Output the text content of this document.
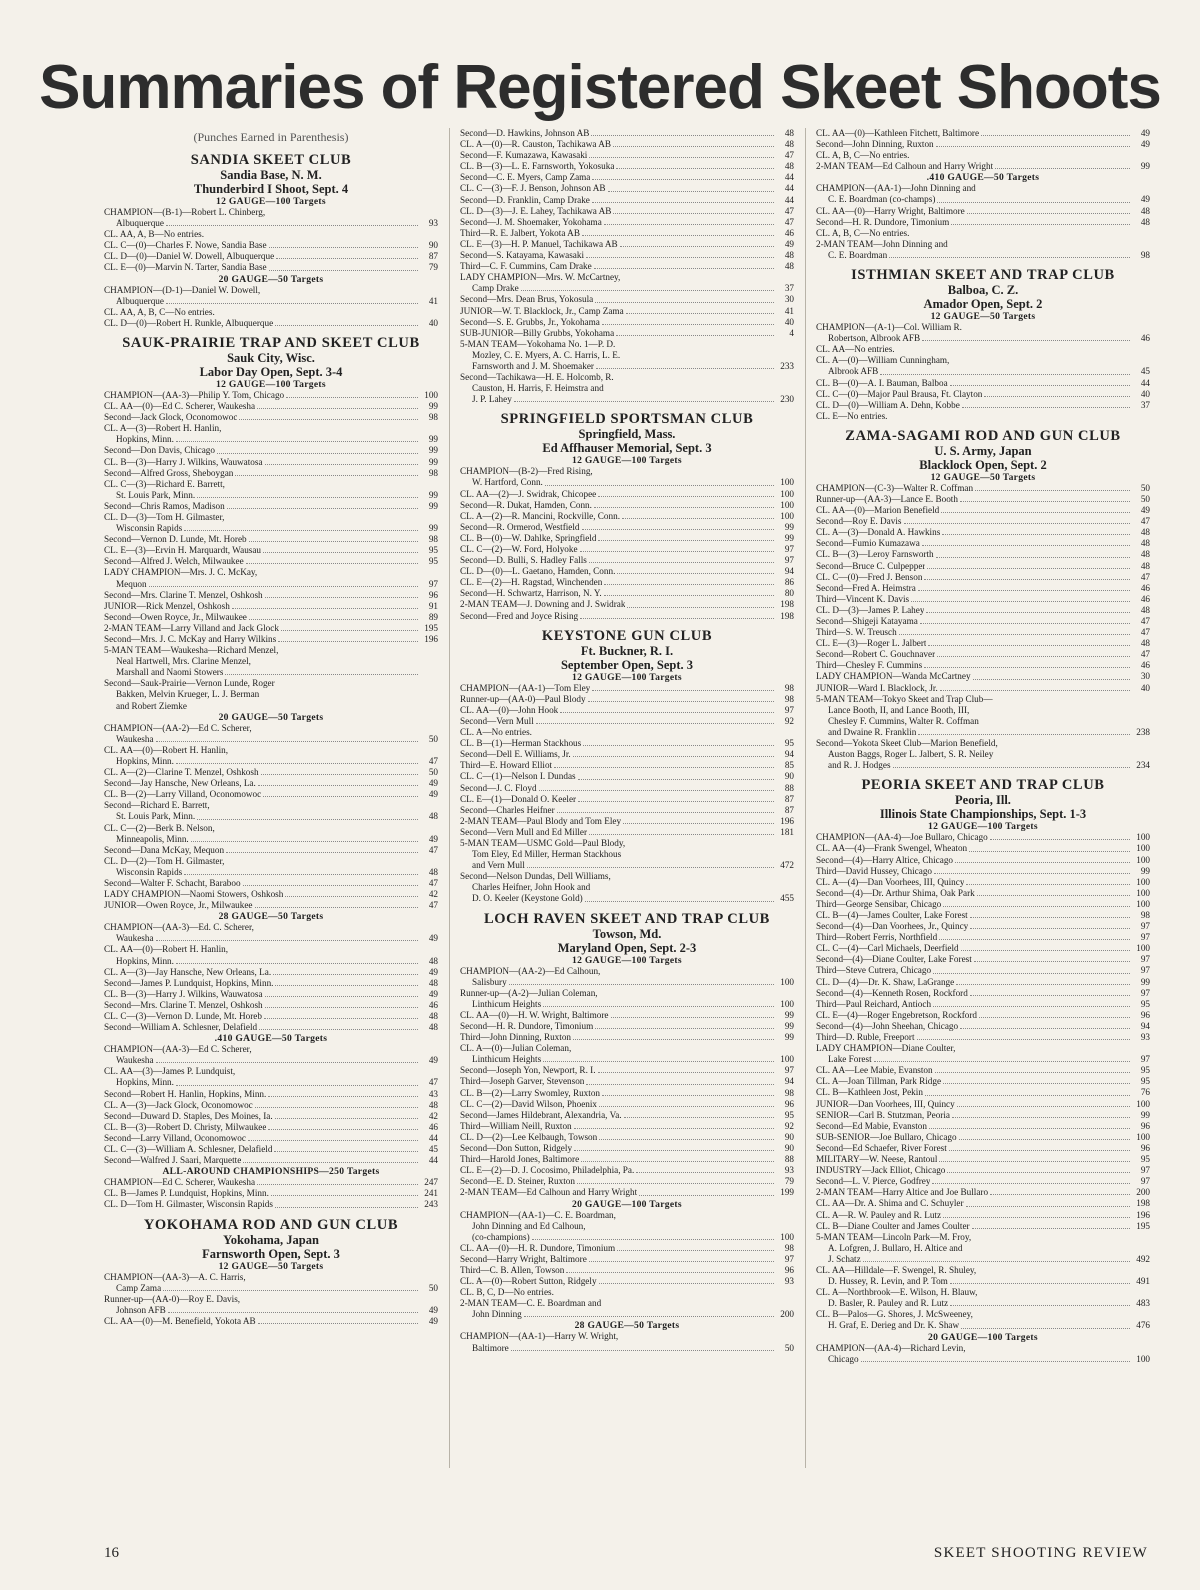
Summaries of Registered Skeet Shoots
(Punches Earned in Parenthesis)
SANDIA SKEET CLUB
Sandia Base, N. M.
Thunderbird I Shoot, Sept. 4
12 GAUGE—100 Targets
CHAMPION—(B-1)—Robert L. Chinberg,
Albuquerque	93
CL. AA, A, B—No entries.
CL. C—(0)—Charles F. Nowe, Sandia Base	90
CL. D—(0)—Daniel W. Dowell, Albuquerque	87
CL. E—(0)—Marvin N. Tarter, Sandia Base	79
20 GAUGE—50 Targets
CHAMPION—(D-1)—Daniel W. Dowell,
Albuquerque	41
CL. AA, A, B, C—No entries.
CL. D—(0)—Robert H. Runkle, Albuquerque	40
SAUK-PRAIRIE TRAP AND SKEET CLUB
Sauk City, Wisc.
Labor Day Open, Sept. 3-4
12 GAUGE—100 Targets
CHAMPION—(AA-3)—Philip Y. Tom, Chicago	100
CL. AA—(0)—Ed C. Scherer, Waukesha	99
Second—Jack Glock, Oconomowoc	98
CL. A—(3)—Robert H. Hanlin,
Hopkins, Minn.	99
Second—Don Davis, Chicago	99
CL. B—(3)—Harry J. Wilkins, Wauwatosa	99
Second—Alfred Gross, Sheboygan	98
CL. C—(3)—Richard E. Barrett,
St. Louis Park, Minn.	99
Second—Chris Ramos, Madison	99
CL. D—(3)—Tom H. Gilmaster,
Wisconsin Rapids	99
Second—Vernon D. Lunde, Mt. Horeb	98
CL. E—(3)—Ervin H. Marquardt, Wausau	95
Second—Alfred J. Welch, Milwaukee	95
LADY CHAMPION—Mrs. J. C. McKay,
Mequon	97
Second—Mrs. Clarine T. Menzel, Oshkosh	96
JUNIOR—Rick Menzel, Oshkosh	91
Second—Owen Royce, Jr., Milwaukee	89
2-MAN TEAM—Larry Villand and Jack Glock	195
Second—Mrs. J. C. McKay and Harry Wilkins	196
5-MAN TEAM—Waukesha—Richard Menzel,
Neal Hartwell, Mrs. Clarine Menzel,
Marshall and Naomi Stowers
Second—Sauk-Prairie—Vernon Lunde, Roger
Bakken, Melvin Krueger, L. J. Berman
and Robert Ziemke
20 GAUGE—50 Targets
CHAMPION—(AA-2)—Ed C. Scherer,
Waukesha	50
CL. AA—(0)—Robert H. Hanlin,
Hopkins, Minn.	47
CL. A—(2)—Clarine T. Menzel, Oshkosh	50
Second—Jay Hansche, New Orleans, La.	49
CL. B—(2)—Larry Villand, Oconomowoc	49
Second—Richard E. Barrett,
St. Louis Park, Minn.	48
CL. C—(2)—Berk B. Nelson,
Minneapolis, Minn.	49
Second—Dana McKay, Mequon	47
CL. D—(2)—Tom H. Gilmaster,
Wisconsin Rapids	48
Second—Walter F. Schacht, Baraboo	47
LADY CHAMPION—Naomi Stowers, Oshkosh	42
JUNIOR—Owen Royce, Jr., Milwaukee	47
28 GAUGE—50 Targets
CHAMPION—(AA-3)—Ed. C. Scherer,
Waukesha	49
CL. AA—(0)—Robert H. Hanlin,
Hopkins, Minn.	48
CL. A—(3)—Jay Hansche, New Orleans, La.	49
Second—James P. Lundquist, Hopkins, Minn.	48
CL. B—(3)—Harry J. Wilkins, Wauwatosa	49
Second—Mrs. Clarine T. Menzel, Oshkosh	46
CL. C—(3)—Vernon D. Lunde, Mt. Horeb	48
Second—William A. Schlesner, Delafield	48
.410 GAUGE—50 Targets
CHAMPION—(AA-3)—Ed C. Scherer,
Waukesha	49
CL. AA—(3)—James P. Lundquist,
Hopkins, Minn.	47
Second—Robert H. Hanlin, Hopkins, Minn.	43
CL. A—(3)—Jack Glock, Oconomowoc	48
Second—Duward D. Staples, Des Moines, Ia.	42
CL. B—(3)—Robert D. Christy, Milwaukee	46
Second—Larry Villand, Oconomowoc	44
CL. C—(3)—William A. Schlesner, Delafield	45
Second—Walfred J. Saari, Marquette	44
ALL-AROUND CHAMPIONSHIPS—250 Targets
CHAMPION—Ed C. Scherer, Waukesha	247
CL. B—James P. Lundquist, Hopkins, Minn.	241
CL. D—Tom H. Gilmaster, Wisconsin Rapids	243
YOKOHAMA ROD AND GUN CLUB
Yokohama, Japan
Farnsworth Open, Sept. 3
12 GAUGE—50 Targets
CHAMPION—(AA-3)—A. C. Harris,
Camp Zama	50
Runner-up—(AA-0)—Roy E. Davis,
Johnson AFB	49
CL. AA—(0)—M. Benefield, Yokota AB	49
Second—D. Hawkins, Johnson AB	48
CL. A—(0)—R. Causton, Tachikawa AB	48
Second—F. Kumazawa, Kawasaki	47
CL. B—(3)—L. E. Farnsworth, Yokosuka	48
Second—C. E. Myers, Camp Zama	44
CL. C—(3)—F. J. Benson, Johnson AB	44
Second—D. Franklin, Camp Drake	44
CL. D—(3)—J. E. Lahey, Tachikawa AB	47
Second—J. M. Shoemaker, Yokohama	47
Third—R. E. Jalbert, Yokota AB	46
CL. E—(3)—H. P. Manuel, Tachikawa AB	49
Second—S. Katayama, Kawasaki	48
Third—C. F. Cummins, Cam Drake	48
LADY CHAMPION—Mrs. W. McCartney,
Camp Drake	37
Second—Mrs. Dean Brus, Yokosula	30
JUNIOR—W. T. Blacklock, Jr., Camp Zama	41
Second—S. E. Grubbs, Jr., Yokohama	40
SUB-JUNIOR—Billy Grubbs, Yokohama	4
5-MAN TEAM—Yokohama No. 1—P. D.
Mozley, C. E. Myers, A. C. Harris, L. E.
Farnsworth and J. M. Shoemaker	233
Second—Tachikawa—H. E. Holcomb, R.
Causton, H. Harris, F. Heimstra and
J. P. Lahey	230
SPRINGFIELD SPORTSMAN CLUB
Springfield, Mass.
Ed Affhauser Memorial, Sept. 3
12 GAUGE—100 Targets
CHAMPION—(B-2)—Fred Rising,
W. Hartford, Conn.	100
CL. AA—(2)—J. Swidrak, Chicopee	100
Second—R. Dukat, Hamden, Conn.	100
CL. A—(2)—R. Mancini, Rockville, Conn.	100
Second—R. Ormerod, Westfield	99
CL. B—(0)—W. Dahlke, Springfield	99
CL. C—(2)—W. Ford, Holyoke	97
Second—D. Bulli, S. Hadley Falls	97
CL. D—(0)—L. Gaetano, Hamden, Conn.	94
CL. E—(2)—H. Ragstad, Winchenden	86
Second—H. Schwartz, Harrison, N. Y.	80
2-MAN TEAM—J. Downing and J. Swidrak	198
Second—Fred and Joyce Rising	198
KEYSTONE GUN CLUB
Ft. Buckner, R. I.
September Open, Sept. 3
12 GAUGE—100 Targets
CHAMPION—(AA-1)—Tom Eley	98
Runner-up—(AA-0)—Paul Blody	98
CL. AA—(0)—John Hook	97
Second—Vern Mull	92
CL. A—No entries.
CL. B—(1)—Herman Stackhous	95
Second—Dell E. Williams, Jr.	94
Third—E. Howard Elliot	85
CL. C—(1)—Nelson I. Dundas	90
Second—J. C. Floyd	88
CL. E—(1)—Donald O. Keeler	87
Second—Charles Heifner	87
2-MAN TEAM—Paul Blody and Tom Eley	196
Second—Vern Mull and Ed Miller	181
5-MAN TEAM—USMC Gold—Paul Blody,
Tom Eley, Ed Miller, Herman Stackhous
and Vern Mull	472
Second—Nelson Dundas, Dell Williams,
Charles Heifner, John Hook and
D. O. Keeler (Keystone Gold)	455
LOCH RAVEN SKEET AND TRAP CLUB
Towson, Md.
Maryland Open, Sept. 2-3
12 GAUGE—100 Targets
CHAMPION—(AA-2)—Ed Calhoun,
Salisbury	100
Runner-up—(A-2)—Julian Coleman,
Linthicum Heights	100
CL. AA—(0)—H. W. Wright, Baltimore	99
Second—H. R. Dundore, Timonium	99
Third—John Dinning, Ruxton	99
CL. A—(0)—Julian Coleman,
Linthicum Heights	100
Second—Joseph Yon, Newport, R. I.	97
Third—Joseph Garver, Stevenson	94
CL. B—(2)—Larry Swomley, Ruxton	98
CL. C—(2)—David Wilson, Phoenix	96
Second—James Hildebrant, Alexandria, Va.	95
Third—William Neill, Ruxton	92
CL. D—(2)—Lee Kelbaugh, Towson	90
Second—Don Sutton, Ridgely	90
Third—Harold Jones, Baltimore	88
CL. E—(2)—D. J. Cocosimo, Philadelphia, Pa.	93
Second—E. D. Steiner, Ruxton	79
2-MAN TEAM—Ed Calhoun and Harry Wright	199
20 GAUGE—100 Targets
CHAMPION—(AA-1)—C. E. Boardman,
John Dinning and Ed Calhoun,
(co-champions)	100
CL. AA—(0)—H. R. Dundore, Timonium	98
Second—Harry Wright, Baltimore	97
Third—C. B. Allen, Towson	96
CL. A—(0)—Robert Sutton, Ridgely	93
CL. B, C, D—No entries.
2-MAN TEAM—C. E. Boardman and
John Dinning	200
28 GAUGE—50 Targets
CHAMPION—(AA-1)—Harry W. Wright,
Baltimore	50
CL. AA—(0)—Kathleen Fitchett, Baltimore	49
Second—John Dinning, Ruxton	49
CL. A, B, C—No entries.
2-MAN TEAM—Ed Calhoun and Harry Wright	99
.410 GAUGE—50 Targets
CHAMPION—(AA-1)—John Dinning and
C. E. Boardman (co-champs)	49
CL. AA—(0)—Harry Wright, Baltimore	48
Second—H. R. Dundore, Timonium	48
CL. A, B, C—No entries.
2-MAN TEAM—John Dinning and
C. E. Boardman	98
ISTHMIAN SKEET AND TRAP CLUB
Balboa, C. Z.
Amador Open, Sept. 2
12 GAUGE—50 Targets
CHAMPION—(A-1)—Col. William R.
Robertson, Albrook AFB	46
CL. AA—No entries.
CL. A—(0)—William Cunningham,
Albrook AFB	45
CL. B—(0)—A. I. Bauman, Balboa	44
CL. C—(0)—Major Paul Brausa, Ft. Clayton	40
CL. D—(0)—William A. Dehn, Kobbe	37
CL. E—No entries.
ZAMA-SAGAMI ROD AND GUN CLUB
U. S. Army, Japan
Blacklock Open, Sept. 2
12 GAUGE—50 Targets
CHAMPION—(C-3)—Walter R. Coffman	50
Runner-up—(AA-3)—Lance E. Booth	50
CL. AA—(0)—Marion Benefield	49
Second—Roy E. Davis	47
CL. A—(3)—Donald A. Hawkins	48
Second—Fumio Kumazawa	48
CL. B—(3)—Leroy Farnsworth	48
Second—Bruce C. Culpepper	48
CL. C—(0)—Fred J. Benson	47
Second—Fred A. Heimstra	46
Third—Vincent K. Davis	46
CL. D—(3)—James P. Lahey	48
Second—Shigeji Katayama	47
Third—S. W. Treusch	47
CL. E—(3)—Roger L. Jalbert	48
Second—Robert C. Gouchnaver	47
Third—Chesley F. Cummins	46
LADY CHAMPION—Wanda McCartney	30
JUNIOR—Ward I. Blacklock, Jr.	40
5-MAN TEAM—Tokyo Skeet and Trap Club—
Lance Booth, II, and Lance Booth, III,
Chesley F. Cummins, Walter R. Coffman
and Dwaine R. Franklin	238
Second—Yokota Skeet Club—Marion Benefield,
Auston Baggs, Roger L. Jalbert, S. R. Neiley
and R. J. Hodges	234
PEORIA SKEET AND TRAP CLUB
Peoria, Ill.
Illinois State Championships, Sept. 1-3
12 GAUGE—100 Targets
CHAMPION—(AA-4)—Joe Bullaro, Chicago	100
CL. AA—(4)—Frank Swengel, Wheaton	100
Second—(4)—Harry Altice, Chicago	100
Third—David Hussey, Chicago	99
CL. A—(4)—Dan Voorhees, III, Quincy	100
Second—(4)—Dr. Arthur Shima, Oak Park	100
Third—George Sensibar, Chicago	100
CL. B—(4)—James Coulter, Lake Forest	98
Second—(4)—Dan Voorhees, Jr., Quincy	97
Third—Robert Ferris, Northfield	97
CL. C—(4)—Carl Michaels, Deerfield	100
Second—(4)—Diane Coulter, Lake Forest	97
Third—Steve Cutrera, Chicago	97
CL. D—(4)—Dr. K. Shaw, LaGrange	99
Second—(4)—Kenneth Rosen, Rockford	97
Third—Paul Reichard, Antioch	95
CL. E—(4)—Roger Engebretson, Rockford	96
Second—(4)—John Sheehan, Chicago	94
Third—D. Ruble, Freeport	93
LADY CHAMPION—Diane Coulter,
Lake Forest	97
CL. AA—Lee Mabie, Evanston	95
CL. A—Joan Tillman, Park Ridge	95
CL. B—Kathleen Jost, Pekin	76
JUNIOR—Dan Voorhees, III, Quincy	100
SENIOR—Carl B. Stutzman, Peoria	99
Second—Ed Mabie, Evanston	96
SUB-SENIOR—Joe Bullaro, Chicago	100
Second—Ed Schaefer, River Forest	96
MILITARY—W. Neese, Rantoul	95
INDUSTRY—Jack Elliot, Chicago	97
Second—L. V. Pierce, Godfrey	97
2-MAN TEAM—Harry Altice and Joe Bullaro	200
CL. AA—Dr. A. Shima and C. Schuyler	198
CL. A—R. W. Pauley and R. Lutz	196
CL. B—Diane Coulter and James Coulter	195
5-MAN TEAM—Lincoln Park—M. Froy,
A. Lofgren, J. Bullaro, H. Altice and
J. Schatz	492
CL. AA—Hilldale—F. Swengel, R. Shuley,
D. Hussey, R. Levin, and P. Tom	491
CL. A—Northbrook—E. Wilson, H. Blauw,
D. Basler, R. Pauley and R. Lutz	483
CL. B—Palos—G. Shores, J. McSweeney,
H. Graf, E. Derieg and Dr. K. Shaw	476
20 GAUGE—100 Targets
CHAMPION—(AA-4)—Richard Levin,
Chicago	100
16	SKEET SHOOTING REVIEW
